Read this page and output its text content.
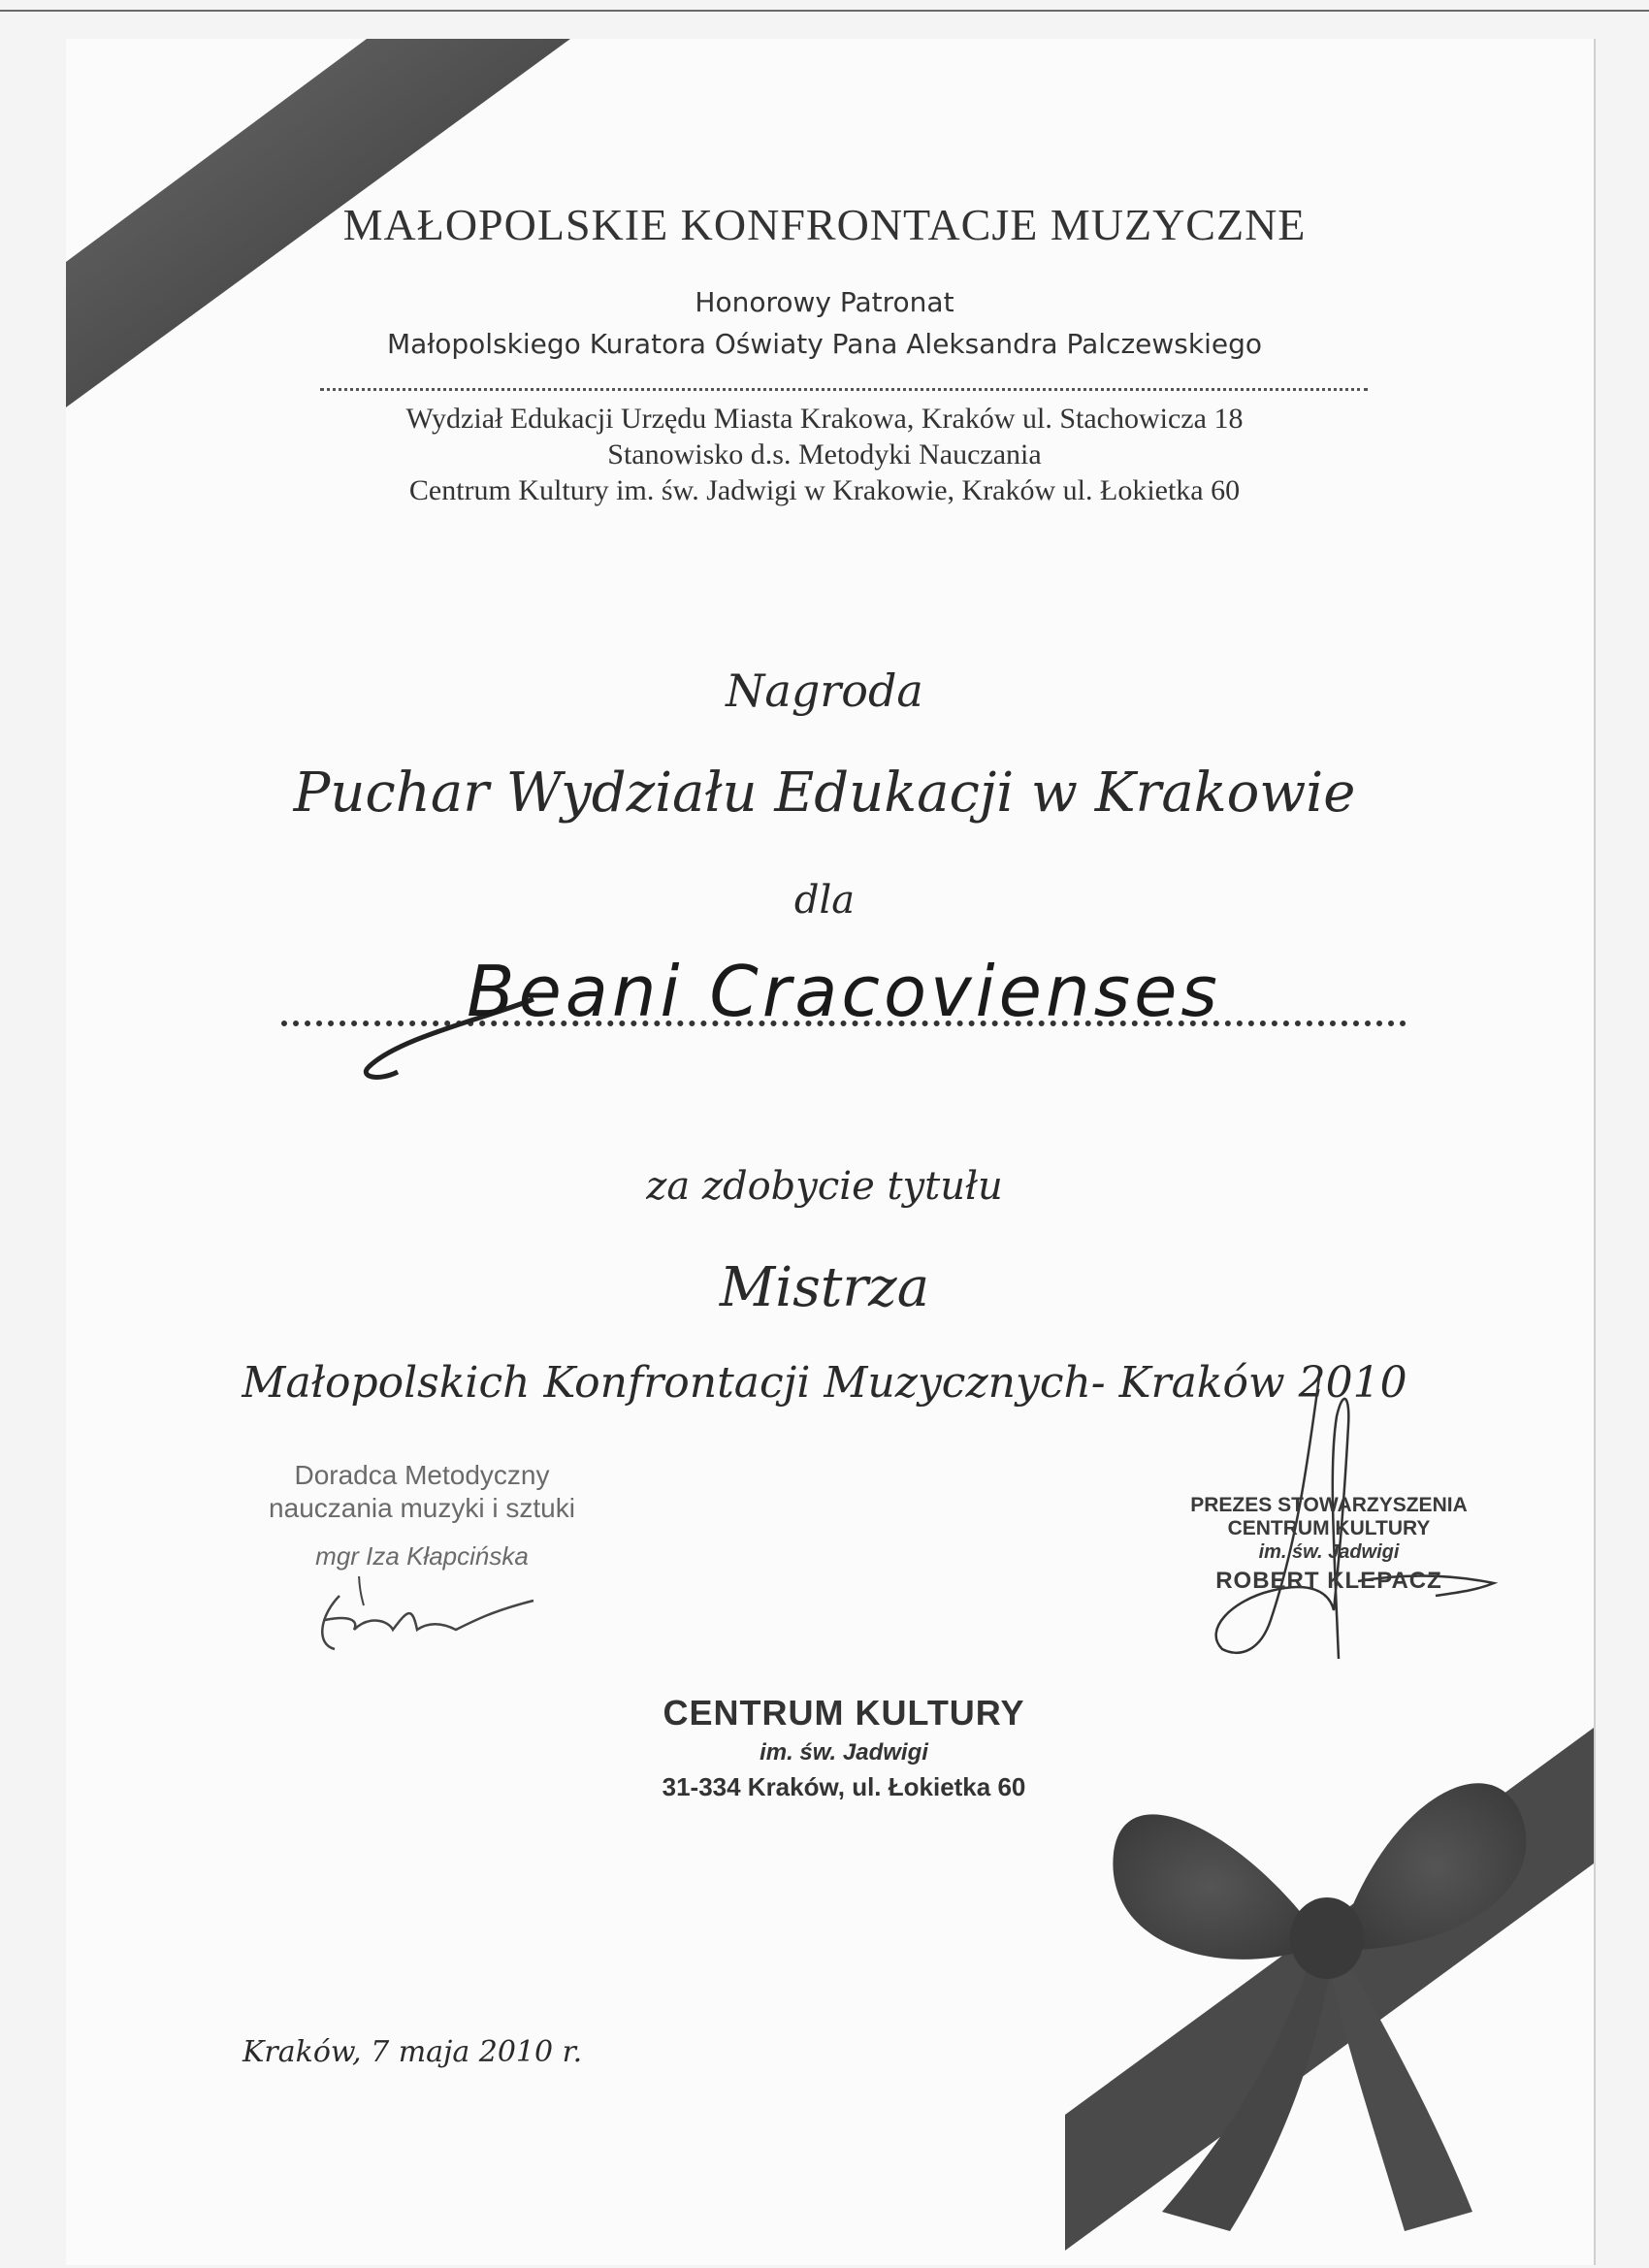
MAŁOPOLSKIE KONFRONTACJE MUZYCZNE
Honorowy Patronat
Małopolskiego Kuratora Oświaty Pana Aleksandra Palczewskiego
Wydział Edukacji Urzędu Miasta Krakowa, Kraków ul. Stachowicza 18
Stanowisko d.s. Metodyki Nauczania
Centrum Kultury im. św. Jadwigi w Krakowie, Kraków ul. Łokietka 60
Nagroda
Puchar Wydziału Edukacji w Krakowie
dla
Beani Cracovienses
za zdobycie tytułu
Mistrza
Małopolskich Konfrontacji Muzycznych- Kraków 2010
Doradca Metodyczny
nauczania muzyki i sztuki
mgr Iza Kłapcińska
PREZES STOWARZYSZENIA
CENTRUM KULTURY
im. św. Jadwigi
ROBERT KLEPACZ
CENTRUM KULTURY
im. św. Jadwigi
31-334 Kraków, ul. Łokietka 60
Kraków, 7 maja 2010 r.
